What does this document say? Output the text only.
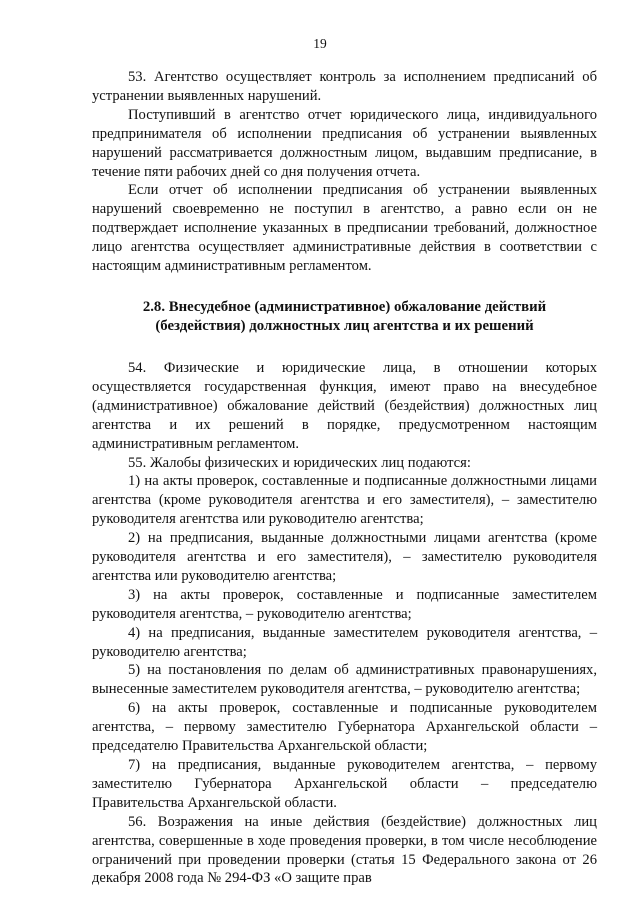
19

53. Агентство осуществляет контроль за исполнением предписаний об устранении выявленных нарушений.

Поступивший в агентство отчет юридического лица, индивидуального предпринимателя об исполнении предписания об устранении выявленных нарушений рассматривается должностным лицом, выдавшим предписание, в течение пяти рабочих дней со дня получения отчета.

Если отчет об исполнении предписания об устранении выявленных нарушений своевременно не поступил в агентство, а равно если он не подтверждает исполнение указанных в предписании требований, должностное лицо агентства осуществляет административные действия в соответствии с настоящим административным регламентом.

2.8. Внесудебное (административное) обжалование действий
(бездействия) должностных лиц агентства и их решений

54. Физические и юридические лица, в отношении которых осуществляется государственная функция, имеют право на внесудебное (административное) обжалование действий (бездействия) должностных лиц агентства и их решений в порядке, предусмотренном настоящим административным регламентом.

55. Жалобы физических и юридических лиц подаются:

1) на акты проверок, составленные и подписанные должностными лицами агентства (кроме руководителя агентства и его заместителя), – заместителю руководителя агентства или руководителю агентства;

2) на предписания, выданные должностными лицами агентства (кроме руководителя агентства и его заместителя), – заместителю руководителя агентства или руководителю агентства;

3) на акты проверок, составленные и подписанные заместителем руководителя агентства, – руководителю агентства;

4) на предписания, выданные заместителем руководителя агентства, – руководителю агентства;

5) на постановления по делам об административных правонарушениях, вынесенные заместителем руководителя агентства, – руководителю агентства;

6) на акты проверок, составленные и подписанные руководителем агентства, – первому заместителю Губернатора Архангельской области – председателю Правительства Архангельской области;

7) на предписания, выданные руководителем агентства, – первому заместителю Губернатора Архангельской области – председателю Правительства Архангельской области.

56. Возражения на иные действия (бездействие) должностных лиц агентства, совершенные в ходе проведения проверки, в том числе несоблюдение ограничений при проведении проверки (статья 15 Федерального закона от 26 декабря 2008 года № 294-ФЗ «О защите прав
